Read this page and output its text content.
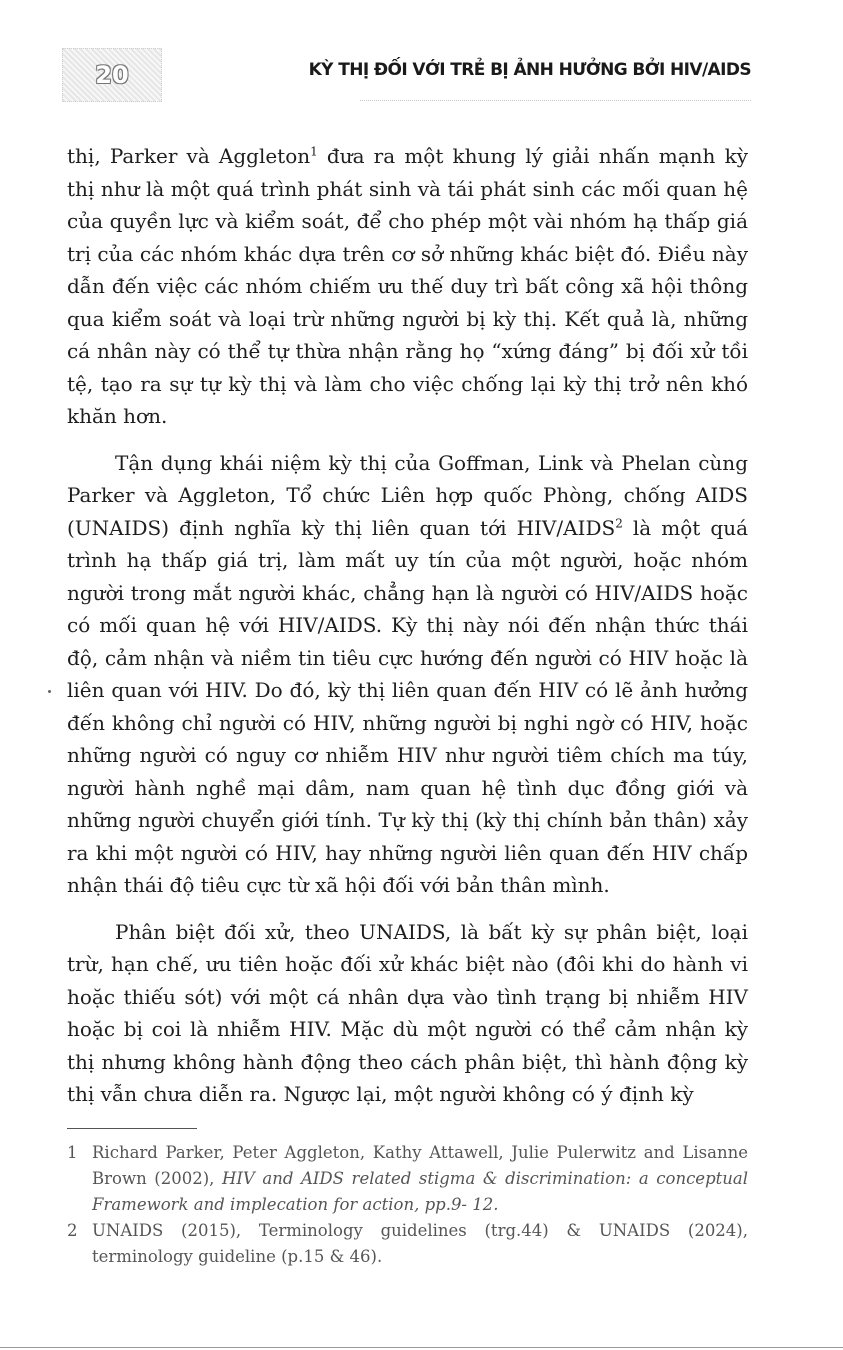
20	KỲ THỊ ĐỐI VỚI TRẺ BỊ ẢNH HƯỞNG BỞI HIV/AIDS

thị, Parker và Aggleton$^1$ đưa ra một khung lý giải nhấn mạnh kỳ thị như là một quá trình phát sinh và tái phát sinh các mối quan hệ của quyền lực và kiểm soát, để cho phép một vài nhóm hạ thấp giá trị của các nhóm khác dựa trên cơ sở những khác biệt đó. Điều này dẫn đến việc các nhóm chiếm ưu thế duy trì bất công xã hội thông qua kiểm soát và loại trừ những người bị kỳ thị. Kết quả là, những cá nhân này có thể tự thừa nhận rằng họ “xứng đáng” bị đối xử tồi tệ, tạo ra sự tự kỳ thị và làm cho việc chống lại kỳ thị trở nên khó khăn hơn.

Tận dụng khái niệm kỳ thị của Goffman, Link và Phelan cùng Parker và Aggleton, Tổ chức Liên hợp quốc Phòng, chống AIDS (UNAIDS) định nghĩa kỳ thị liên quan tới HIV/AIDS$^2$ là một quá trình hạ thấp giá trị, làm mất uy tín của một người, hoặc nhóm người trong mắt người khác, chẳng hạn là người có HIV/AIDS hoặc có mối quan hệ với HIV/AIDS. Kỳ thị này nói đến nhận thức thái độ, cảm nhận và niềm tin tiêu cực hướng đến người có HIV hoặc là liên quan với HIV. Do đó, kỳ thị liên quan đến HIV có lẽ ảnh hưởng đến không chỉ người có HIV, những người bị nghi ngờ có HIV, hoặc những người có nguy cơ nhiễm HIV như người tiêm chích ma túy, người hành nghề mại dâm, nam quan hệ tình dục đồng giới và những người chuyển giới tính. Tự kỳ thị (kỳ thị chính bản thân) xảy ra khi một người có HIV, hay những người liên quan đến HIV chấp nhận thái độ tiêu cực từ xã hội đối với bản thân mình.

Phân biệt đối xử, theo UNAIDS, là bất kỳ sự phân biệt, loại trừ, hạn chế, ưu tiên hoặc đối xử khác biệt nào (đôi khi do hành vi hoặc thiếu sót) với một cá nhân dựa vào tình trạng bị nhiễm HIV hoặc bị coi là nhiễm HIV. Mặc dù một người có thể cảm nhận kỳ thị nhưng không hành động theo cách phân biệt, thì hành động kỳ thị vẫn chưa diễn ra. Ngược lại, một người không có ý định kỳ

1 Richard Parker, Peter Aggleton, Kathy Attawell, Julie Pulerwitz and Lisanne Brown (2002), HIV and AIDS related stigma & discrimination: a conceptual Framework and implecation for action, pp.9- 12.
2 UNAIDS (2015), Terminology guidelines (trg.44) & UNAIDS (2024), terminology guideline (p.15 & 46).
